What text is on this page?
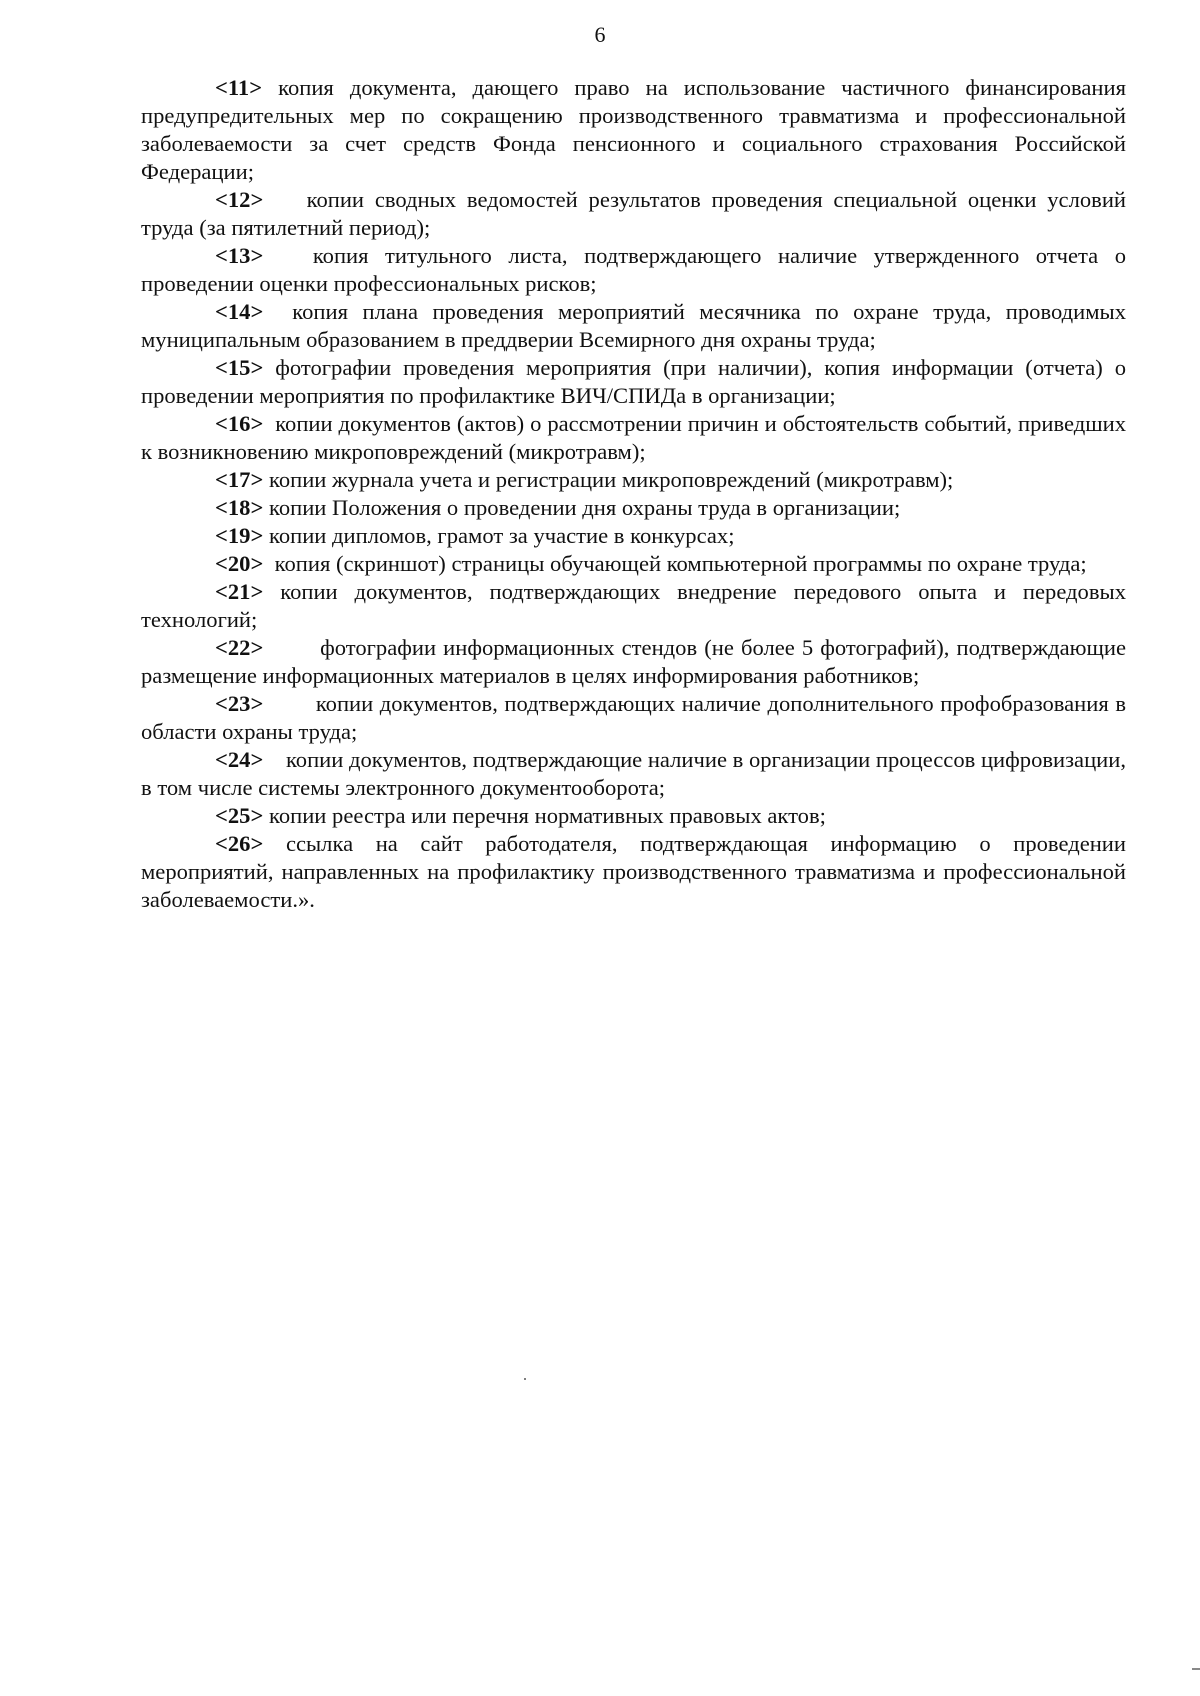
6

<11> копия документа, дающего право на использование частичного финансирования предупредительных мер по сокращению производственного травматизма и профессиональной заболеваемости за счет средств Фонда пенсионного и социального страхования Российской Федерации;

<12> копии сводных ведомостей результатов проведения специальной оценки условий труда (за пятилетний период);

<13> копия титульного листа, подтверждающего наличие утвержденного отчета о проведении оценки профессиональных рисков;

<14> копия плана проведения мероприятий месячника по охране труда, проводимых муниципальным образованием в преддверии Всемирного дня охраны труда;

<15> фотографии проведения мероприятия (при наличии), копия информации (отчета) о проведении мероприятия по профилактике ВИЧ/СПИДа в организации;

<16> копии документов (актов) о рассмотрении причин и обстоятельств событий, приведших к возникновению микроповреждений (микротравм);

<17> копии журнала учета и регистрации микроповреждений (микротравм);

<18> копии Положения о проведении дня охраны труда в организации;

<19> копии дипломов, грамот за участие в конкурсах;

<20> копия (скриншот) страницы обучающей компьютерной программы по охране труда;

<21> копии документов, подтверждающих внедрение передового опыта и передовых технологий;

<22>	фотографии информационных стендов (не более 5 фотографий), подтверждающие размещение информационных материалов в целях информирования работников;

<23> копии документов, подтверждающих наличие дополнительного профобразования в области охраны труда;

<24> копии документов, подтверждающие наличие в организации процессов цифровизации, в том числе системы электронного документооборота;

<25> копии реестра или перечня нормативных правовых актов;

<26> ссылка на сайт работодателя, подтверждающая информацию о проведении мероприятий, направленных на профилактику производственного травматизма и профессиональной заболеваемости.».
